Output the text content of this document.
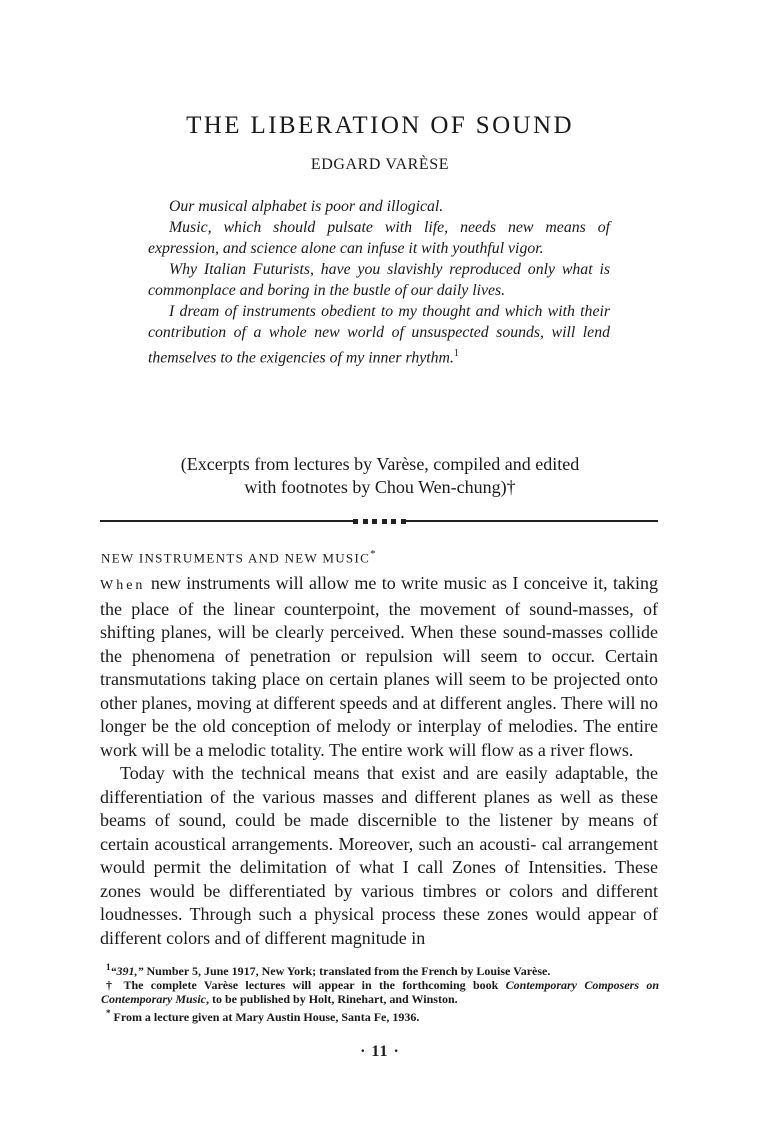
THE LIBERATION OF SOUND
EDGARD VARÈSE

Our musical alphabet is poor and illogical.

Music, which should pulsate with life, needs new means of expression, and science alone can infuse it with youthful vigor.

Why Italian Futurists, have you slavishly reproduced only what is commonplace and boring in the bustle of our daily lives.

I dream of instruments obedient to my thought and which with their contribution of a whole new world of unsuspected sounds, will lend themselves to the exigencies of my inner rhythm.$^1$

(Excerpts from lectures by Varèse, compiled and edited
with footnotes by Chou Wen-chung)†
NEW INSTRUMENTS AND NEW MUSIC*

When new instruments will allow me to write music as I conceive it, taking the place of the linear counterpoint, the movement of sound-masses, of shifting planes, will be clearly perceived. When these sound-masses collide the phenomena of penetration or repulsion will seem to occur. Certain transmutations taking place on certain planes will seem to be projected onto other planes, moving at different speeds and at different angles. There will no longer be the old conception of melody or interplay of melodies. The entire work will be a melodic totality. The entire work will flow as a river flows.

Today with the technical means that exist and are easily adaptable, the differentiation of the various masses and different planes as well as these beams of sound, could be made discernible to the listener by means of certain acoustical arrangements. Moreover, such an acousti- cal arrangement would permit the delimitation of what I call Zones of Intensities. These zones would be differentiated by various timbres or colors and different loudnesses. Through such a physical process these zones would appear of different colors and of different magnitude in

$^1$“391,” Number 5, June 1917, New York; translated from the French by Louise Varèse.

† The complete Varèse lectures will appear in the forthcoming book Contemporary Composers on Contemporary Music, to be published by Holt, Rinehart, and Winston.

* From a lecture given at Mary Austin House, Santa Fe, 1936.

· 11 ·
